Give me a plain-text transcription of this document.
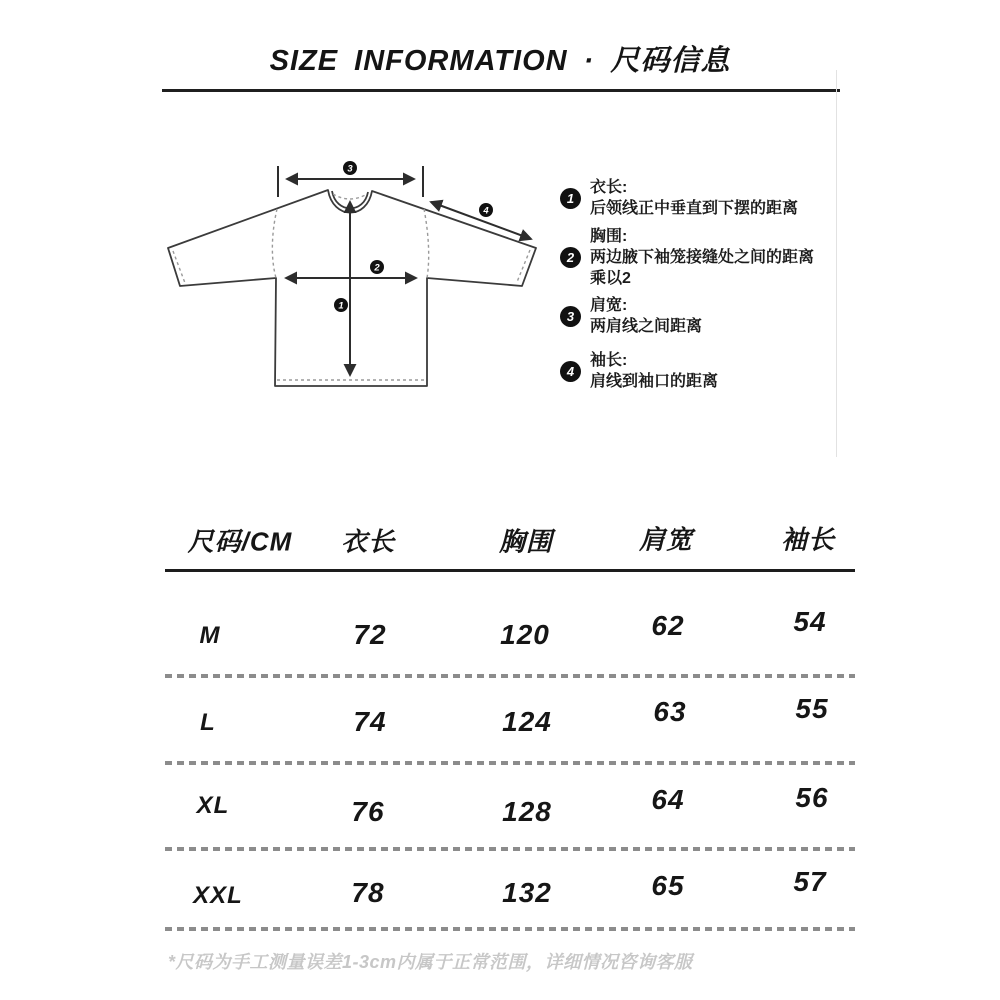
SIZE INFORMATION · 尺码信息
1
2
3
4
1
衣长:
后领线正中垂直到下摆的距离
2
胸围:
两边腋下袖笼接缝处之间的距离
乘以2
3
肩宽:
两肩线之间距离
4
袖长:
肩线到袖口的距离
尺码/CM 衣长	胸围	肩宽	袖长
M	72	120	62	54
L	74	124	63	55
XL	76	128	64	56
XXL	78	132	65	57
*尺码为手工测量误差1-3cm内属于正常范围，详细情况咨询客服
